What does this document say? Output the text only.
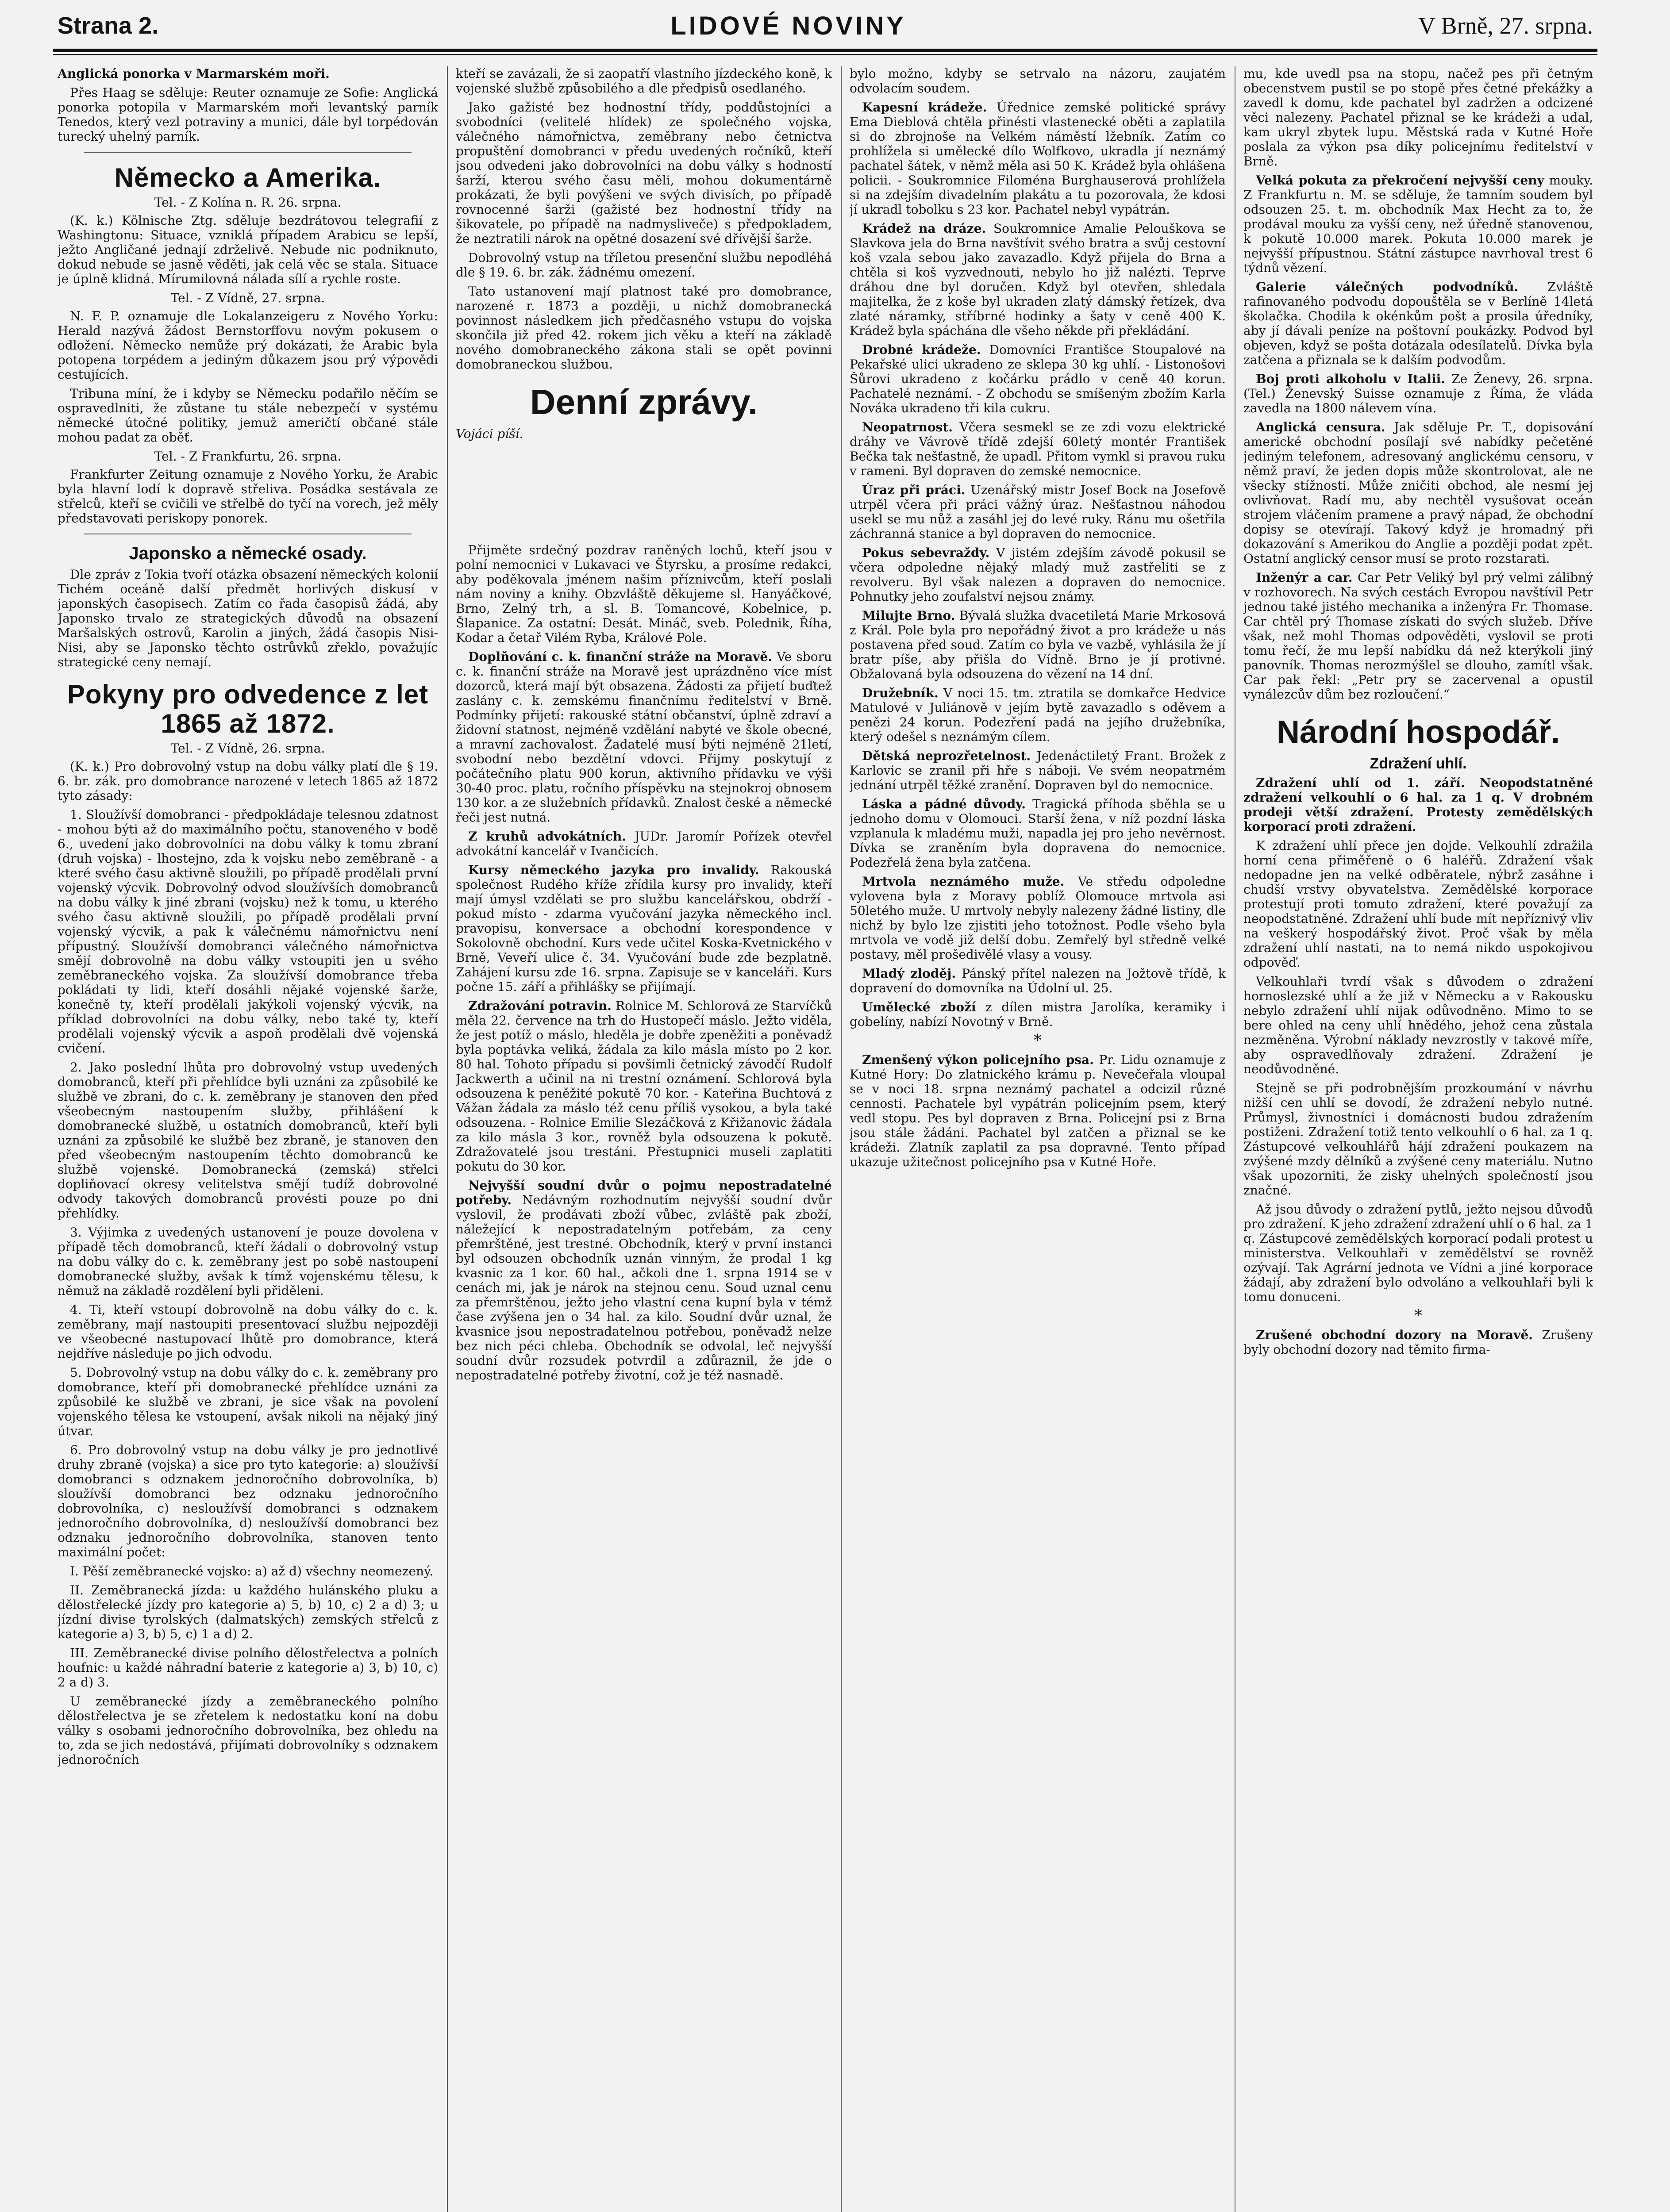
Strana 2.	LIDOVÉ NOVINY	V Brně, 27. srpna.

Anglická ponorka v Marmarském moři.

Přes Haag se sděluje: Reuter oznamuje ze Sofie: Anglická ponorka potopila v Marmarském moři levantský parník Tenedos, který vezl potraviny a munici, dále byl torpédován turecký uhelný parník.

Německo a Amerika.
Tel. - Z Kolína n. R. 26. srpna.

(K. k.) Kölnische Ztg. sděluje bezdrátovou telegrafií z Washingtonu: Situace, vzniklá případem Arabicu se lepší, ježto Angličané jednají zdrželivě. Nebude nic podniknuto, dokud nebude se jasně věděti, jak celá věc se stala. Situace je úplně klidná. Mírumilovná nálada sílí a rychle roste.

Tel. - Z Vídně, 27. srpna.

N. F. P. oznamuje dle Lokalanzeigeru z Nového Yorku: Herald nazývá žádost Bernstorffovu novým pokusem o odložení. Německo nemůže prý dokázati, že Arabic byla potopena torpédem a jediným důkazem jsou prý výpovědi cestujících.

Tribuna míní, že i kdyby se Německu podařilo něčím se ospravedlniti, že zůstane tu stále nebezpečí v systému německé útočné politiky, jemuž američtí občané stále mohou padat za oběť.

Tel. - Z Frankfurtu, 26. srpna.

Frankfurter Zeitung oznamuje z Nového Yorku, že Arabic byla hlavní lodí k dopravě střeliva. Posádka sestávala ze střelců, kteří se cvičili ve střelbě do tyčí na vorech, jež měly představovati periskopy ponorek.

Japonsko a německé osady.

Dle zpráv z Tokia tvoří otázka obsazení německých kolonií Tichém oceáně další předmět horlivých diskusí v japonských časopisech. Zatím co řada časopisů žádá, aby Japonsko trvalo ze strategických důvodů na obsazení Maršalských ostrovů, Karolin a jiných, žádá časopis Nisi-Nisi, aby se Japonsko těchto ostrůvků zřeklo, považujíc strategické ceny nemají.

Pokyny pro odvedence z let 1865 až 1872.
Tel. - Z Vídně, 26. srpna.

(K. k.) Pro dobrovolný vstup na dobu války platí dle § 19. 6. br. zák. pro domobrance narozené v letech 1865 až 1872 tyto zásady:

1. Sloužívší domobranci - předpokládaje telesnou zdatnost - mohou býti až do maximálního počtu, stanoveného v bodě 6., uvedení jako dobrovolníci na dobu války k tomu zbraní (druh vojska) - lhostejno, zda k vojsku nebo zeměbraně - a které svého času aktivně sloužili, po případě prodělali první vojenský výcvik. Dobrovolný odvod sloužívších domobranců na dobu války k jiné zbrani (vojsku) než k tomu, u kterého svého času aktivně sloužili, po případě prodělali první vojenský výcvik, a pak k válečnému námořnictvu není přípustný. Sloužívší domobranci válečného námořnictva smějí dobrovolně na dobu války vstoupiti jen u svého zeměbraneckého vojska. Za sloužívší domobrance třeba pokládati ty lidi, kteří dosáhli nějaké vojenské šarže, konečně ty, kteří prodělali jakýkoli vojenský výcvik, na příklad dobrovolníci na dobu války, nebo také ty, kteří prodělali vojenský výcvik a aspoň prodělali dvě vojenská cvičení.

2. Jako poslední lhůta pro dobrovolný vstup uvedených domobranců, kteří při přehlídce byli uznáni za způsobilé ke službě ve zbrani, do c. k. zeměbrany je stanoven den před všeobecným nastoupením služby, přihlášení k domobranecké službě, u ostatních domobranců, kteří byli uznáni za způsobilé ke službě bez zbraně, je stanoven den před všeobecným nastoupením těchto domobranců ke službě vojenské. Domobranecká (zemská) střelci dopliňovací okresy velitelstva smějí tudíž dobrovolné odvody takových domobranců provésti pouze po dni přehlídky.

3. Výjimka z uvedených ustanovení je pouze dovolena v případě těch domobranců, kteří žádali o dobrovolný vstup na dobu války do c. k. zeměbrany jest po sobě nastoupení domobranecké služby, avšak k tímž vojenskému tělesu, k němuž na základě rozdělení byli přiděleni.

4. Ti, kteří vstoupí dobrovolně na dobu války do c. k. zeměbrany, mají nastoupiti presentovací službu nejpozději ve všeobecné nastupovací lhůtě pro domobrance, která nejdříve následuje po jich odvodu.

5. Dobrovolný vstup na dobu války do c. k. zeměbrany pro domobrance, kteří při domobranecké přehlídce uznáni za způsobilé ke službě ve zbrani, je sice však na povolení vojenského tělesa ke vstoupení, avšak nikoli na nějaký jiný útvar.

6. Pro dobrovolný vstup na dobu války je pro jednotlivé druhy zbraně (vojska) a sice pro tyto kategorie: a) sloužívší domobranci s odznakem jednoročního dobrovolníka, b) sloužívší domobranci bez odznaku jednoročního dobrovolníka, c) nesloužívší domobranci s odznakem jednoročního dobrovolníka, d) nesloužívší domobranci bez odznaku jednoročního dobrovolníka, stanoven tento maximální počet:

I. Pěší zeměbranecké vojsko: a) až d) všechny neomezený.

II. Zeměbranecká jízda: u každého hulánského pluku a dělostřelecké jízdy pro kategorie a) 5, b) 10, c) 2 a d) 3; u jízdní divise tyrolských (dalmatských) zemských střelců z kategorie a) 3, b) 5, c) 1 a d) 2.

III. Zeměbranecké divise polního dělostřelectva a polních houfnic: u každé náhradní baterie z kategorie a) 3, b) 10, c) 2 a d) 3.

U zeměbranecké jízdy a zeměbraneckého polního dělostřelectva je se zřetelem k nedostatku koní na dobu války s osobami jednoročního dobrovolníka, bez ohledu na to, zda se jich nedostává, přijímati dobrovolníky s odznakem jednoročních

kteří se zavázali, že si zaopatří vlastního jízdeckého koně, k vojenské službě způsobilého a dle předpisů osedlaného.

Jako gažisté bez hodnostní třídy, poddůstojníci a svobodníci (velitelé hlídek) ze společného vojska, válečného námořnictva, zeměbrany nebo četnictva propuštění domobranci v předu uvedených ročníků, kteří jsou odvedeni jako dobrovolníci na dobu války s hodností šarží, kterou svého času měli, mohou dokumentárně prokázati, že byli povýšeni ve svých divisích, po případě rovnocenné šarži (gažisté bez hodnostní třídy na šikovatele, po případě na nadmysliveče) s předpokladem, že neztratili nárok na opětné dosazení své dřívější šarže.

Dobrovolný vstup na tříletou presenční službu nepodléhá dle § 19. 6. br. zák. žádnému omezení.

Tato ustanovení mají platnost také pro domobrance, narozené r. 1873 a později, u nichž domobranecká povinnost následkem jich předčasného vstupu do vojska skončila již před 42. rokem jich věku a kteří na základě nového domobraneckého zákona stali se opět povinni domobraneckou službou.

Denní zprávy.

Vojáci píší.

Přijměte srdečný pozdrav raněných lochů, kteří jsou v polní nemocnici v Lukavaci ve Štyrsku, a prosíme redakci, aby poděkovala jménem našim příznivcům, kteří poslali nám noviny a knihy. Obzvláště děkujeme sl. Hanyáčkové, Brno, Zelný trh, a sl. B. Tomancové, Kobelnice, p. Šlapanice. Za ostatní: Desát. Mináč, sveb. Polednik, Říha, Kodar a četař Vilém Ryba, Králové Pole.

Doplňování c. k. finanční stráže na Moravě. Ve sboru c. k. finanční stráže na Moravě jest uprázdněno více míst dozorců, která mají být obsazena. Žádosti za přijetí buďtež zaslány c. k. zemskému finančnímu ředitelství v Brně. Podmínky přijetí: rakouské státní občanství, úplně zdraví a židovní statnost, nejméně vzdělání nabyté ve škole obecné, a mravní zachovalost. Žadatelé musí býti nejméně 21letí, svobodní nebo bezdětní vdovci. Přijmy poskytují z počátečního platu 900 korun, aktivního přídavku ve výši 30-40 proc. platu, ročního příspěvku na stejnokroj obnosem 130 kor. a ze služebních přídavků. Znalost české a německé řeči jest nutná.

Z kruhů advokátních. JUDr. Jaromír Pořízek otevřel advokátní kancelář v Ivančicích.

Kursy německého jazyka pro invalidy. Rakouská společnost Rudého kříže zřídila kursy pro invalidy, kteří mají úmysl vzdělati se pro službu kancelářskou, obdrží - pokud místo - zdarma vyučování jazyka německého incl. pravopisu, konversace a obchodní korespondence v Sokolovně obchodní. Kurs vede učitel Koska-Kvetnického v Brně, Veveří ulice č. 34. Vyučování bude zde bezplatně. Zahájení kursu zde 16. srpna. Zapisuje se v kanceláři. Kurs počne 15. září a přihlášky se přijímají.

Zdražování potravin. Rolnice M. Schlorová ze Starvíčků měla 22. července na trh do Hustopečí máslo. Ježto viděla, že jest potíž o máslo, hleděla je dobře zpeněžiti a poněvadž byla poptávka veliká, žádala za kilo másla místo po 2 kor. 80 hal. Tohoto případu si povšimli četnický závodčí Rudolf Jackwerth a učinil na ni trestní oznámení. Schlorová byla odsouzena k peněžité pokutě 70 kor. - Kateřina Buchtová z Vážan žádala za máslo též cenu příliš vysokou, a byla také odsouzena. - Rolnice Emilie Slezáčková z Křižanovic žádala za kilo másla 3 kor., rovněž byla odsouzena k pokutě. Zdražovatelé jsou trestáni. Přestupnici museli zaplatiti pokutu do 30 kor.

Nejvyšší soudní dvůr o pojmu nepostradatelné potřeby. Nedávným rozhodnutím nejvyšší soudní dvůr vyslovil, že prodávati zboží vůbec, zvláště pak zboží, náležející k nepostradatelným potřebám, za ceny přemrštěné, jest trestné. Obchodník, který v první instanci byl odsouzen obchodník uznán vinným, že prodal 1 kg kvasnic za 1 kor. 60 hal., ačkoli dne 1. srpna 1914 se v cenách mi, jak je nárok na stejnou cenu. Soud uznal cenu za přemrštěnou, ježto jeho vlastní cena kupní byla v témž čase zvýšena jen o 34 hal. za kilo. Soudní dvůr uznal, že kvasnice jsou nepostradatelnou potřebou, poněvadž nelze bez nich péci chleba. Obchodník se odvolal, leč nejvyšší soudní dvůr rozsudek potvrdil a zdůraznil, že jde o nepostradatelné potřeby životní, což je též nasnadě.

bylo možno, kdyby se setrvalo na názoru, zaujatém odvolacím soudem.

Kapesní krádeže. Úřednice zemské politické správy Ema Dieblová chtěla přinésti vlastenecké oběti a zaplatila si do zbrojnoše na Velkém náměstí lžebník. Zatím co prohlížela si umělecké dílo Wolfkovo, ukradla jí neznámý pachatel šátek, v němž měla asi 50 K. Krádež byla ohlášena policii. - Soukromnice Filoména Burghauserová prohlížela si na zdejším divadelním plakátu a tu pozorovala, že kdosi jí ukradl tobolku s 23 kor. Pachatel nebyl vypátrán.

Krádež na dráze. Soukromnice Amalie Pelouškova se Slavkova jela do Brna navštívit svého bratra a svůj cestovní koš vzala sebou jako zavazadlo. Když přijela do Brna a chtěla si koš vyzvednouti, nebylo ho již nalézti. Teprve dráhou dne byl doručen. Když byl otevřen, shledala majitelka, že z koše byl ukraden zlatý dámský řetízek, dva zlaté náramky, stříbrné hodinky a šaty v ceně 400 K. Krádež byla spáchána dle všeho někde při překládání.

Drobné krádeže. Domovníci Františce Stoupalové na Pekařské ulici ukradeno ze sklepa 30 kg uhlí. - Listonošovi Šůrovi ukradeno z kočárku prádlo v ceně 40 korun. Pachatelé neznámí. - Z obchodu se smíšeným zbožím Karla Nováka ukradeno tři kila cukru.

Neopatrnost. Včera sesmekl se ze zdi vozu elektrické dráhy ve Vávrově třídě zdejší 60letý montér František Bečka tak nešťastně, že upadl. Přitom vymkl si pravou ruku v rameni. Byl dopraven do zemské nemocnice.

Úraz při práci. Uzenářský mistr Josef Bock na Josefově utrpěl včera při práci vážný úraz. Nešťastnou náhodou usekl se mu nůž a zasáhl jej do levé ruky. Ránu mu ošetřila záchranná stanice a byl dopraven do nemocnice.

Pokus sebevraždy. V jistém zdejším závodě pokusil se včera odpoledne nějaký mladý muž zastřeliti se z revolveru. Byl však nalezen a dopraven do nemocnice. Pohnutky jeho zoufalství nejsou známy.

Milujte Brno. Bývalá služka dvacetiletá Marie Mrkosová z Král. Pole byla pro nepořádný život a pro krádeže u nás postavena před soud. Zatím co byla ve vazbě, vyhlásila že jí bratr píše, aby přišla do Vídně. Brno je jí protivné. Obžalovaná byla odsouzena do vězení na 14 dní.

Družebník. V noci 15. tm. ztratila se domkařce Hedvice Matulové v Juliánově v jejím bytě zavazadlo s oděvem a penězi 24 korun. Podezření padá na jejího družebníka, který odešel s neznámým cílem.

Dětská neprozřetelnost. Jedenáctiletý Frant. Brožek z Karlovic se zranil při hře s náboji. Ve svém neopatrném jednání utrpěl těžké zranění. Dopraven byl do nemocnice.

Láska a pádné důvody. Tragická příhoda sběhla se u jednoho domu v Olomouci. Starší žena, v níž pozdní láska vzplanula k mladému muži, napadla jej pro jeho nevěrnost. Dívka se zraněním byla dopravena do nemocnice. Podezřelá žena byla zatčena.

Mrtvola neznámého muže. Ve středu odpoledne vylovena byla z Moravy poblíž Olomouce mrtvola asi 50letého muže. U mrtvoly nebyly nalezeny žádné listiny, dle nichž by bylo lze zjistiti jeho totožnost. Podle všeho byla mrtvola ve vodě již delší dobu. Zemřelý byl středně velké postavy, měl prošedivělé vlasy a vousy.

Mladý zloděj. Pánský přítel nalezen na Jožtově třídě, k dopravení do domovníka na Údolní ul. 25.

Umělecké zboží z dílen mistra Jarolíka, keramiky i gobelíny, nabízí Novotný v Brně.

*

Zmenšený výkon policejního psa. Pr. Lidu oznamuje z Kutné Hory: Do zlatnického krámu p. Nevečeřala vloupal se v noci 18. srpna neznámý pachatel a odcizil různé cennosti. Pachatele byl vypátrán policejním psem, který vedl stopu. Pes byl dopraven z Brna. Policejní psi z Brna jsou stále žádáni. Pachatel byl zatčen a přiznal se ke krádeži. Zlatník zaplatil za psa dopravné. Tento případ ukazuje užitečnost policejního psa v Kutné Hoře.

mu, kde uvedl psa na stopu, načež pes při četným obecenstvem pustil se po stopě přes četné překážky a zavedl k domu, kde pachatel byl zadržen a odcizené věci nalezeny. Pachatel přiznal se ke krádeži a udal, kam ukryl zbytek lupu. Městská rada v Kutné Hoře poslala za výkon psa díky policejnímu ředitelství v Brně.

Velká pokuta za překročení nejvyšší ceny mouky. Z Frankfurtu n. M. se sděluje, že tamním soudem byl odsouzen 25. t. m. obchodník Max Hecht za to, že prodával mouku za vyšší ceny, než úředně stanovenou, k pokutě 10.000 marek. Pokuta 10.000 marek je nejvyšší přípustnou. Státní zástupce navrhoval trest 6 týdnů vězení.

Galerie válečných podvodníků. Zvláště rafinovaného podvodu dopouštěla se v Berlíně 14letá školačka. Chodila k okénkům pošt a prosila úředníky, aby jí dávali peníze na poštovní poukázky. Podvod byl objeven, když se pošta dotázala odesílatelů. Dívka byla zatčena a přiznala se k dalším podvodům.

Boj proti alkoholu v Italii. Ze Ženevy, 26. srpna. (Tel.) Ženevský Suisse oznamuje z Říma, že vláda zavedla na 1800 nálevem vína.

Anglická censura. Jak sděluje Pr. T., dopisování americké obchodní posílají své nabídky pečetěné jediným telefonem, adresovaný anglickému censoru, v němž praví, že jeden dopis může skontrolovat, ale ne všecky stížnosti. Může zničiti obchod, ale nesmí jej ovlivňovat. Radí mu, aby nechtěl vysušovat oceán strojem vláčením pramene a pravý nápad, že obchodní dopisy se otevírají. Takový když je hromadný při dokazování s Amerikou do Anglie a později podat zpět. Ostatní anglický censor musí se proto rozstarati.

Inženýr a car. Car Petr Veliký byl prý velmi zálibný v rozhovorech. Na svých cestách Evropou navštívil Petr jednou také jistého mechanika a inženýra Fr. Thomase. Car chtěl prý Thomase získati do svých služeb. Dříve však, než mohl Thomas odpověděti, vyslovil se proti tomu řečí, že mu lepší nabídku dá než kterýkoli jiný panovník. Thomas nerozmýšlel se dlouho, zamítl však. Car pak řekl: „Petr pry se zacervenal a opustil vynálezcův dům bez rozloučení.“

Národní hospodář.
Zdražení uhlí.

Zdražení uhlí od 1. září. Neopodstatněné zdražení velkouhlí o 6 hal. za 1 q. V drobném prodeji větší zdražení. Protesty zemědělských korporací proti zdražení.

K zdražení uhlí přece jen dojde. Velkouhlí zdražila horní cena přiměřeně o 6 haléřů. Zdražení však nedopadne jen na velké odběratele, nýbrž zasáhne i chudší vrstvy obyvatelstva. Zemědělské korporace protestují proti tomuto zdražení, které považují za neopodstatněné. Zdražení uhlí bude mít nepříznivý vliv na veškerý hospodářský život. Proč však by měla zdražení uhlí nastati, na to nemá nikdo uspokojivou odpověď.

Velkouhlaři tvrdí však s důvodem o zdražení hornoslezské uhlí a že již v Německu a v Rakousku nebylo zdražení uhlí nijak odůvodněno. Mimo to se bere ohled na ceny uhlí hnědého, jehož cena zůstala nezměněna. Výrobní náklady nevzrostly v takové míře, aby ospravedlňovaly zdražení. Zdražení je neodůvodněné.

Stejně se při podrobnějším prozkoumání v návrhu nižší cen uhlí se dovodí, že zdražení nebylo nutné. Průmysl, živnostníci i domácnosti budou zdražením postiženi. Zdražení totiž tento velkouhlí o 6 hal. za 1 q. Zástupcové velkouhlářů hájí zdražení poukazem na zvýšené mzdy dělníků a zvýšené ceny materiálu. Nutno však upozorniti, že zisky uhelných společností jsou značné.

Až jsou důvody o zdražení pytlů, ježto nejsou důvodů pro zdražení. K jeho zdražení zdražení uhlí o 6 hal. za 1 q. Zástupcové zemědělských korporací podali protest u ministerstva. Velkouhlaři v zemědělství se rovněž ozývají. Tak Agrární jednota ve Vídni a jiné korporace žádají, aby zdražení bylo odvoláno a velkouhlaři byli k tomu donuceni.

*

Zrušené obchodní dozory na Moravě. Zrušeny byly obchodní dozory nad těmito firma-
